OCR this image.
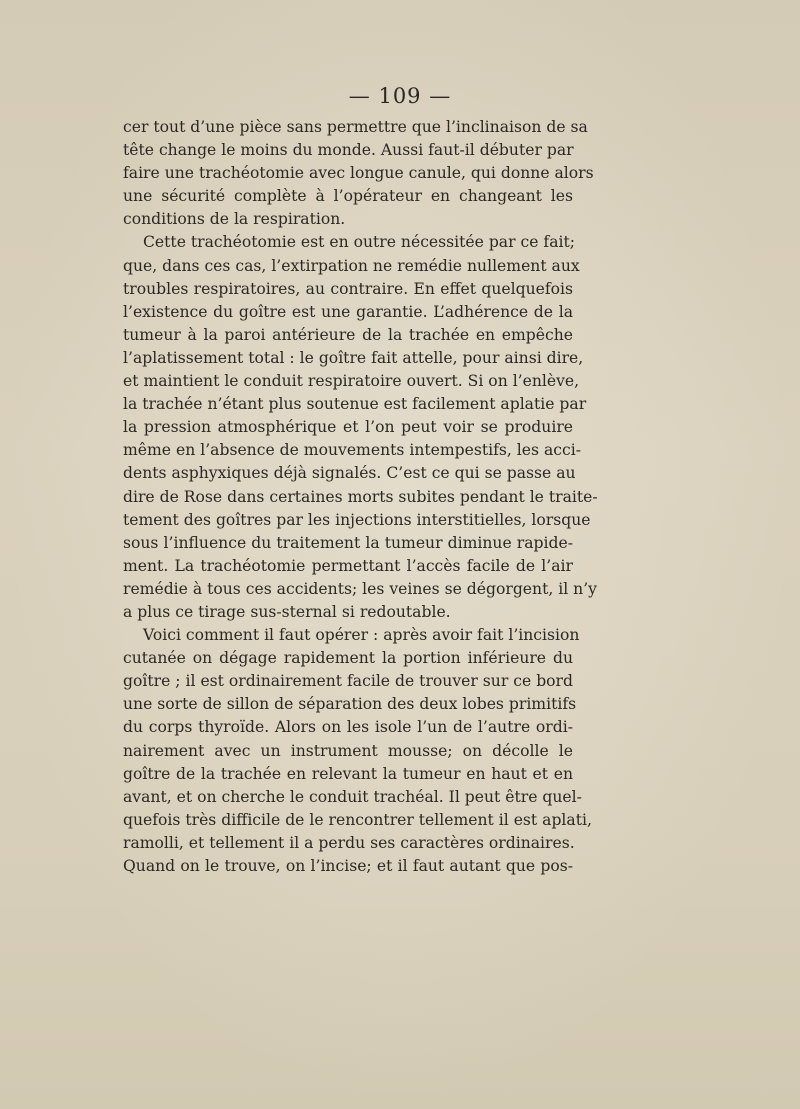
— 109 —
cer tout d’une pièce sans permettre que l’inclinaison de sa
tête change le moins du monde. Aussi faut-il débuter par
faire une trachéotomie avec longue canule, qui donne alors
une sécurité complète à l’opérateur en changeant les
conditions de la respiration.
Cette trachéotomie est en outre nécessitée par ce fait;
que, dans ces cas, l’extirpation ne remédie nullement aux
troubles respiratoires, au contraire. En effet quelquefois
l’existence du goître est une garantie. L’adhérence de la
tumeur à la paroi antérieure de la trachée en empêche
l’aplatissement total : le goître fait attelle, pour ainsi dire,
et maintient le conduit respiratoire ouvert. Si on l’enlève,
la trachée n’étant plus soutenue est facilement aplatie par
la pression atmosphérique et l’on peut voir se produire
même en l’absence de mouvements intempestifs, les acci-
dents asphyxiques déjà signalés. C’est ce qui se passe au
dire de Rose dans certaines morts subites pendant le traite-
tement des goîtres par les injections interstitielles, lorsque
sous l’influence du traitement la tumeur diminue rapide-
ment. La trachéotomie permettant l’accès facile de l’air
remédie à tous ces accidents; les veines se dégorgent, il n’y
a plus ce tirage sus-sternal si redoutable.
Voici comment il faut opérer : après avoir fait l’incision
cutanée on dégage rapidement la portion inférieure du
goître ; il est ordinairement facile de trouver sur ce bord
une sorte de sillon de séparation des deux lobes primitifs
du corps thyroïde. Alors on les isole l’un de l’autre ordi-
nairement avec un instrument mousse; on décolle le
goître de la trachée en relevant la tumeur en haut et en
avant, et on cherche le conduit trachéal. Il peut être quel-
quefois très difficile de le rencontrer tellement il est aplati,
ramolli, et tellement il a perdu ses caractères ordinaires.
Quand on le trouve, on l’incise; et il faut autant que pos-
